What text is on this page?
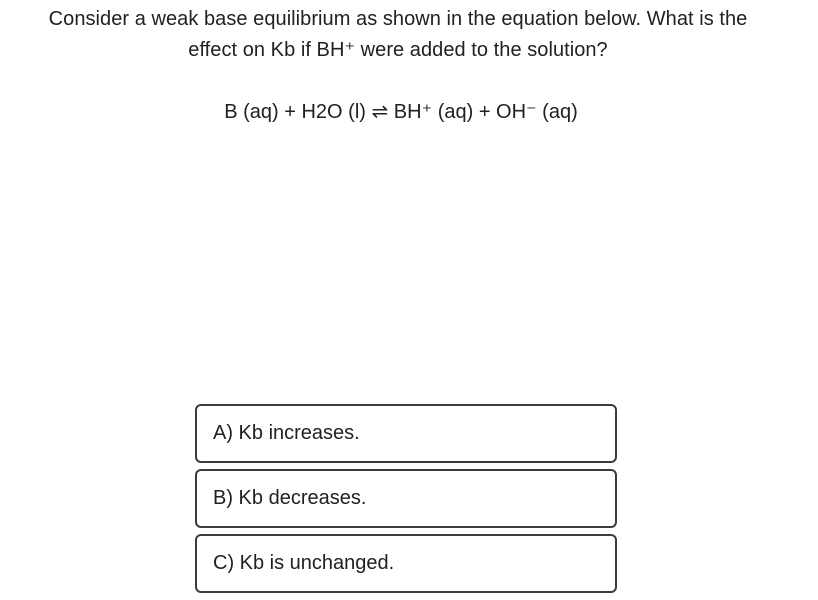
Consider a weak base equilibrium as shown in the equation below. What is the
effect on Kb if BH⁺ were added to the solution?
B (aq) + H2O (l) ⇌ BH⁺ (aq) + OH⁻ (aq)
A) Kb increases.
B) Kb decreases.
C) Kb is unchanged.
